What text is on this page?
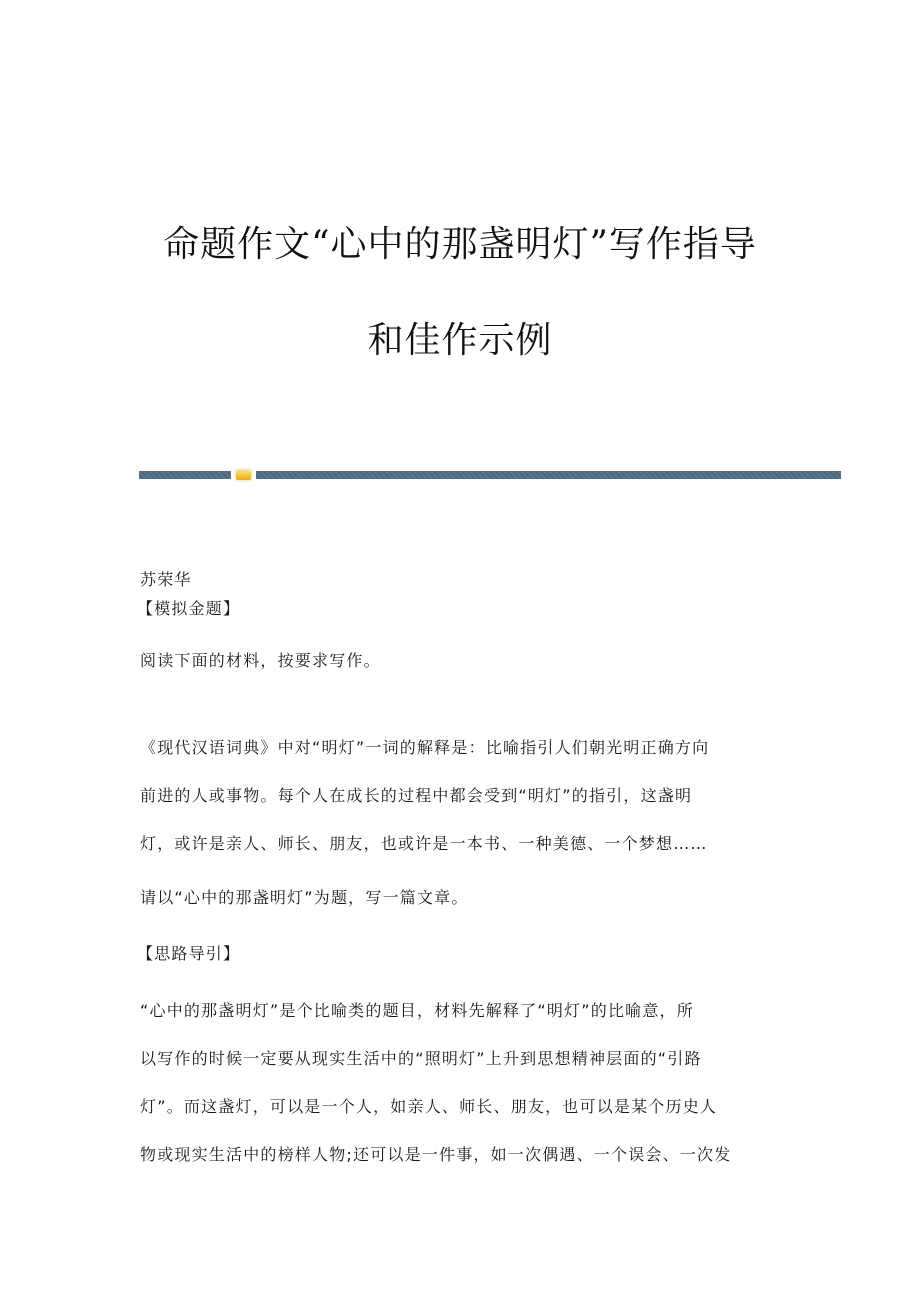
命题作文“心中的那盏明灯”写作指导
和佳作示例
苏荣华
【模拟金题】
阅读下面的材料，按要求写作。
《现代汉语词典》中对“明灯”一词的解释是：比喻指引人们朝光明正确方向
前进的人或事物。每个人在成长的过程中都会受到“明灯”的指引，这盏明
灯，或许是亲人、师长、朋友，也或许是一本书、一种美德、一个梦想……
请以“心中的那盏明灯”为题，写一篇文章。
【思路导引】
“心中的那盏明灯”是个比喻类的题目，材料先解释了“明灯”的比喻意，所
以写作的时候一定要从现实生活中的“照明灯”上升到思想精神层面的“引路
灯”。而这盏灯，可以是一个人，如亲人、师长、朋友，也可以是某个历史人
物或现实生活中的榜样人物;还可以是一件事，如一次偶遇、一个误会、一次发
